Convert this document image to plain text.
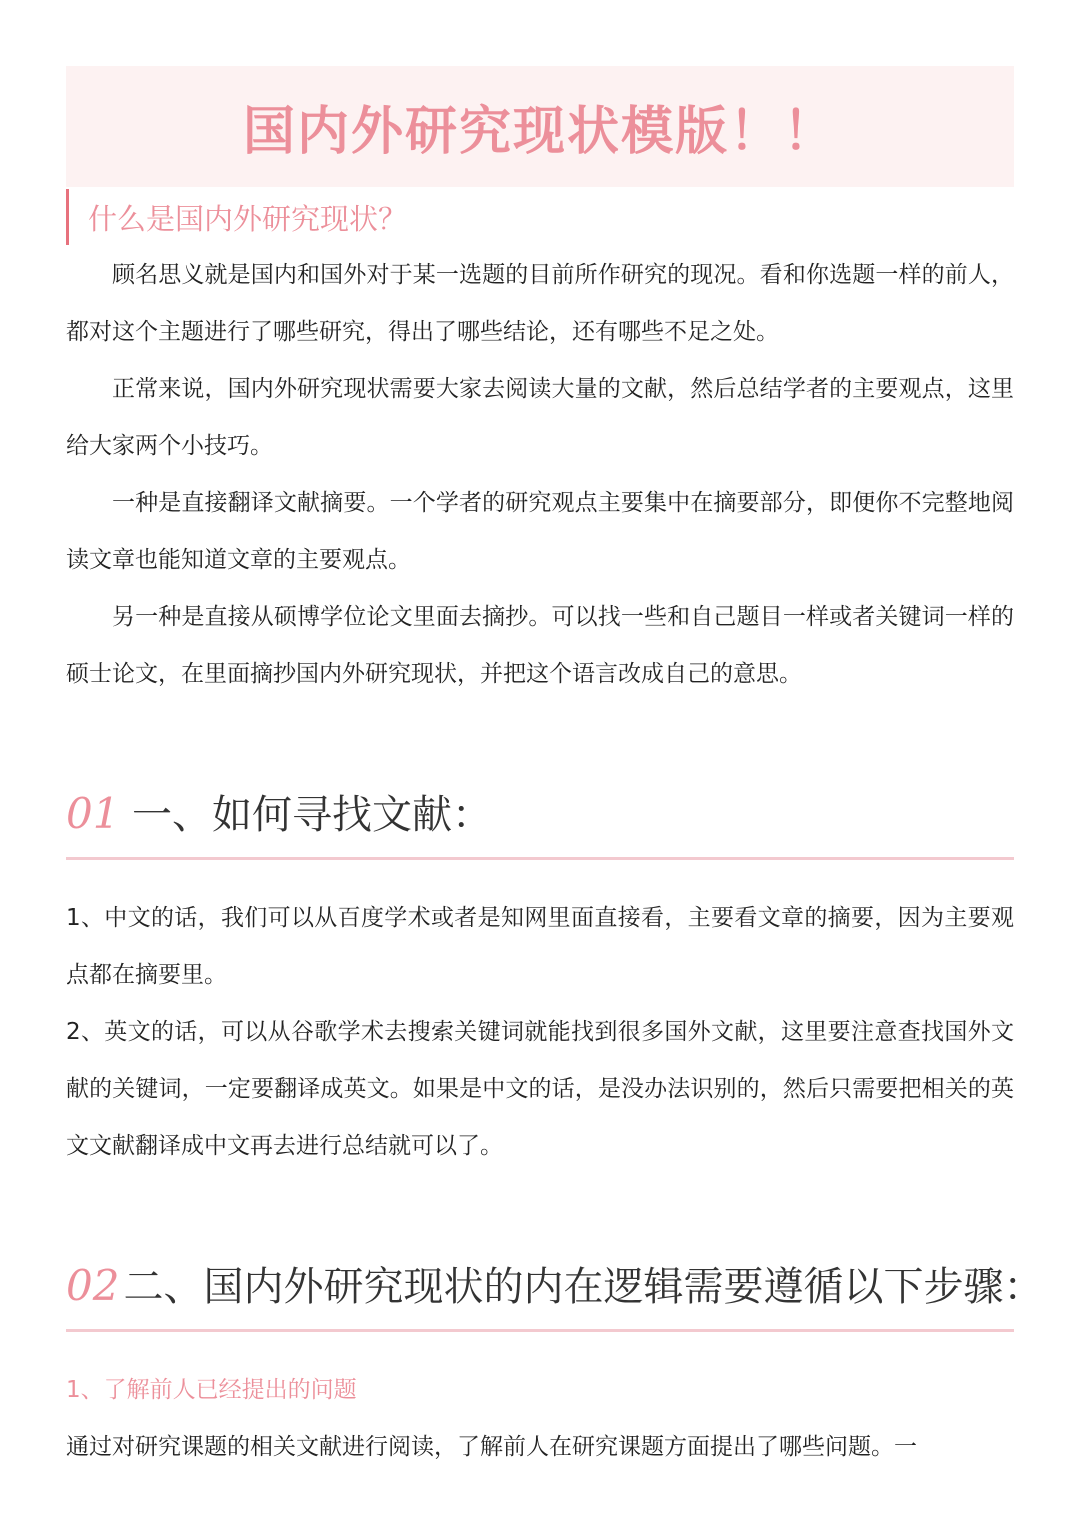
国内外研究现状模版！！
什么是国内外研究现状？

顾名思义就是国内和国外对于某一选题的目前所作研究的现况。看和你选题一样的前人，都对这个主题进行了哪些研究，得出了哪些结论，还有哪些不足之处。

正常来说，国内外研究现状需要大家去阅读大量的文献，然后总结学者的主要观点，这里给大家两个小技巧。

一种是直接翻译文献摘要。一个学者的研究观点主要集中在摘要部分，即便你不完整地阅读文章也能知道文章的主要观点。

另一种是直接从硕博学位论文里面去摘抄。可以找一些和自己题目一样或者关键词一样的硕士论文，在里面摘抄国内外研究现状，并把这个语言改成自己的意思。

01 一、如何寻找文献：

1、中文的话，我们可以从百度学术或者是知网里面直接看，主要看文章的摘要，因为主要观点都在摘要里。

2、英文的话，可以从谷歌学术去搜索关键词就能找到很多国外文献，这里要注意查找国外文献的关键词，一定要翻译成英文。如果是中文的话，是没办法识别的，然后只需要把相关的英文文献翻译成中文再去进行总结就可以了。

02 二、国内外研究现状的内在逻辑需要遵循以下步骤：

1、了解前人已经提出的问题

通过对研究课题的相关文献进行阅读，了解前人在研究课题方面提出了哪些问题。一
